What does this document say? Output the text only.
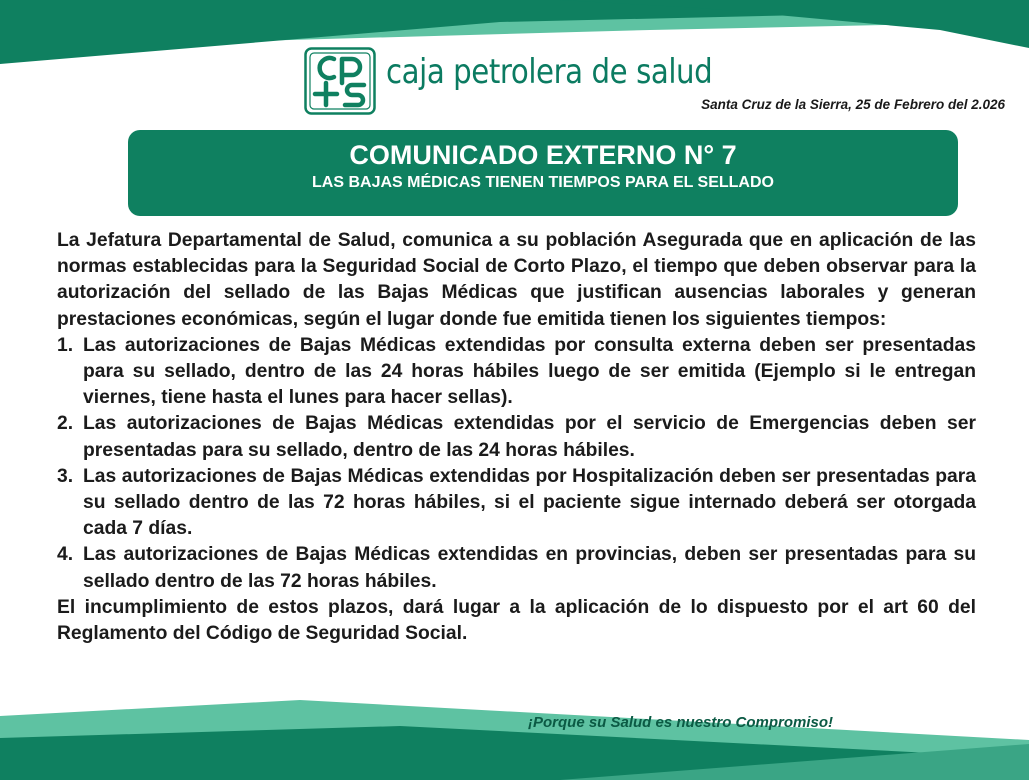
caja petrolera de salud
Santa Cruz de la Sierra, 25 de Febrero del 2.026
COMUNICADO EXTERNO N° 7
LAS BAJAS MÉDICAS TIENEN TIEMPOS PARA EL SELLADO

La Jefatura Departamental de Salud, comunica a su población Asegurada que en aplicación de las normas establecidas para la Seguridad Social de Corto Plazo, el tiempo que deben observar para la autorización del sellado de las Bajas Médicas que justifican ausencias laborales y generan prestaciones económicas, según el lugar donde fue emitida tienen los siguientes tiempos:

1. Las autorizaciones de Bajas Médicas extendidas por consulta externa deben ser presentadas para su sellado, dentro de las 24 horas hábiles luego de ser emitida (Ejemplo si le entregan viernes, tiene hasta el lunes para hacer sellas).
2. Las autorizaciones de Bajas Médicas extendidas por el servicio de Emergencias deben ser presentadas para su sellado, dentro de las 24 horas hábiles.
3. Las autorizaciones de Bajas Médicas extendidas por Hospitalización deben ser presentadas para su sellado dentro de las 72 horas hábiles, si el paciente sigue internado deberá ser otorgada cada 7 días.
4. Las autorizaciones de Bajas Médicas extendidas en provincias, deben ser presentadas para su sellado dentro de las 72 horas hábiles.

El incumplimiento de estos plazos, dará lugar a la aplicación de lo dispuesto por el art 60 del Reglamento del Código de Seguridad Social.

¡Porque su Salud es nuestro Compromiso!
